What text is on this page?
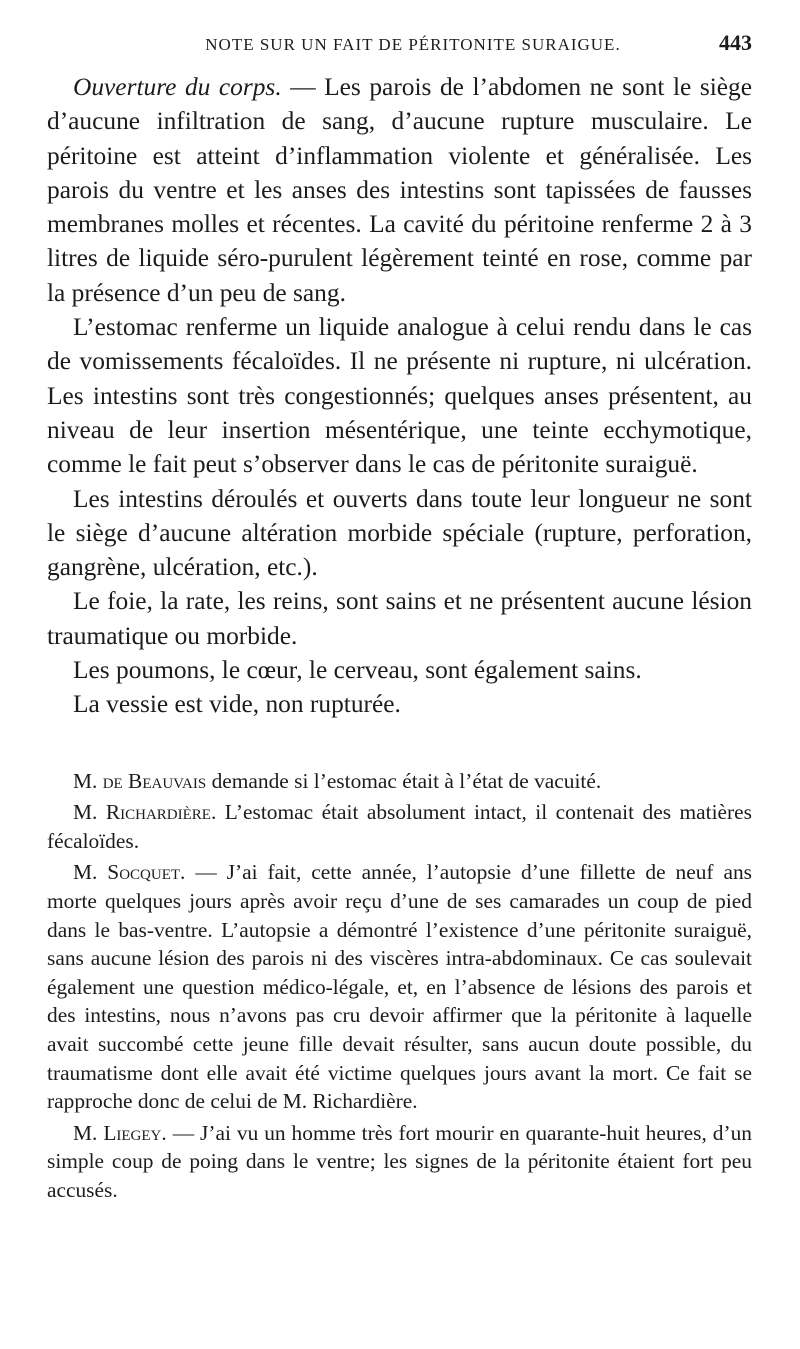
NOTE SUR UN FAIT DE PÉRITONITE SURAIGUE.	443

Ouverture du corps. — Les parois de l’abdomen ne sont le siège d’aucune infiltration de sang, d’aucune rupture musculaire. Le péritoine est atteint d’inflammation violente et généralisée. Les parois du ventre et les anses des intestins sont tapissées de fausses membranes molles et récentes. La cavité du péritoine renferme 2 à 3 litres de liquide séro-purulent légèrement teinté en rose, comme par la présence d’un peu de sang.

L’estomac renferme un liquide analogue à celui rendu dans le cas de vomissements fécaloïdes. Il ne présente ni rupture, ni ulcération. Les intestins sont très congestionnés; quelques anses présentent, au niveau de leur insertion mésentérique, une teinte ecchymotique, comme le fait peut s’observer dans le cas de péritonite suraiguë.

Les intestins déroulés et ouverts dans toute leur longueur ne sont le siège d’aucune altération morbide spéciale (rupture, perforation, gangrène, ulcération, etc.).

Le foie, la rate, les reins, sont sains et ne présentent aucune lésion traumatique ou morbide.

Les poumons, le cœur, le cerveau, sont également sains.

La vessie est vide, non rupturée.

M. de Beauvais demande si l’estomac était à l’état de vacuité.

M. Richardière. L’estomac était absolument intact, il contenait des matières fécaloïdes.

M. Socquet. — J’ai fait, cette année, l’autopsie d’une fillette de neuf ans morte quelques jours après avoir reçu d’une de ses camarades un coup de pied dans le bas-ventre. L’autopsie a démontré l’existence d’une péritonite suraiguë, sans aucune lésion des parois ni des viscères intra-abdominaux. Ce cas soulevait également une question médico-légale, et, en l’absence de lésions des parois et des intestins, nous n’avons pas cru devoir affirmer que la péritonite à laquelle avait succombé cette jeune fille devait résulter, sans aucun doute possible, du traumatisme dont elle avait été victime quelques jours avant la mort. Ce fait se rapproche donc de celui de M. Richardière.

M. Liegey. — J’ai vu un homme très fort mourir en quarante-huit heures, d’un simple coup de poing dans le ventre; les signes de la péritonite étaient fort peu accusés.
